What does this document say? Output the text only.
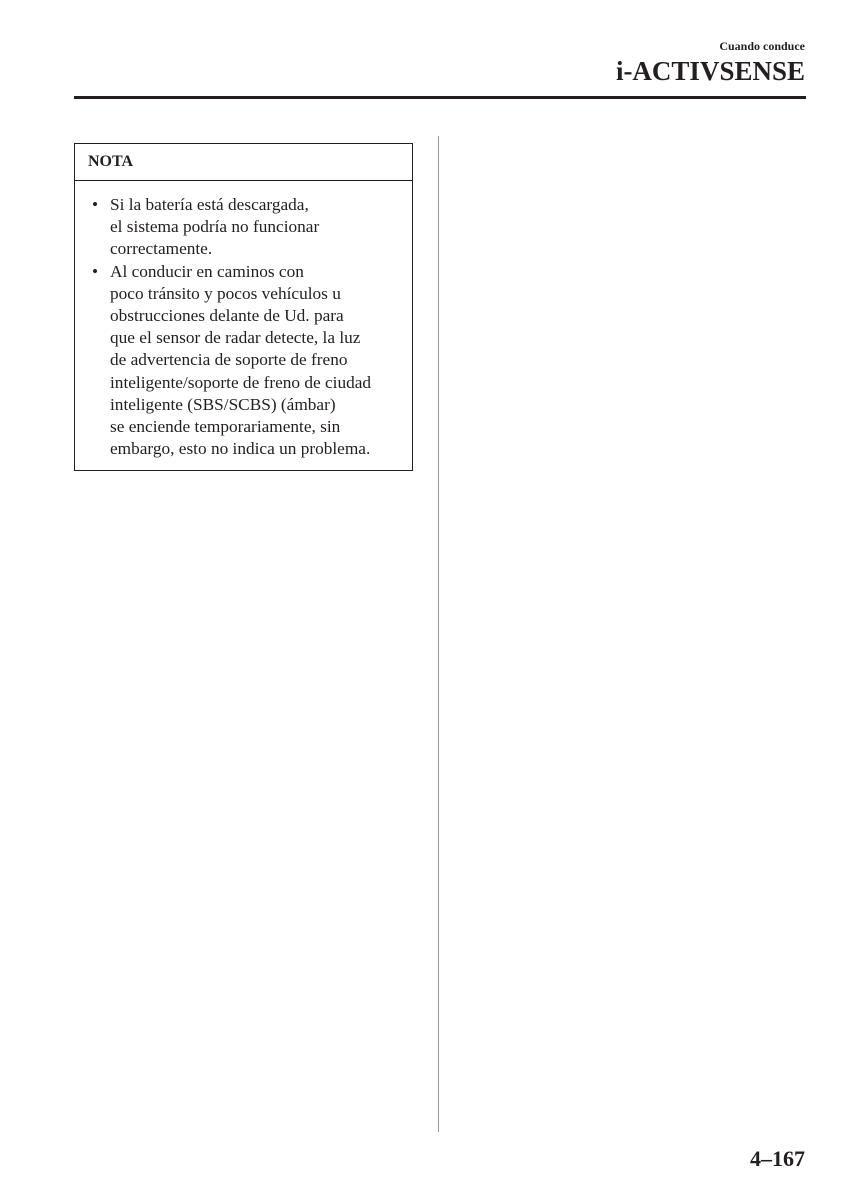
Cuando conduce
i-ACTIVSENSE
NOTA
• Si la batería está descargada,
el sistema podría no funcionar
correctamente.
• Al conducir en caminos con
poco tránsito y pocos vehículos u
obstrucciones delante de Ud. para
que el sensor de radar detecte, la luz
de advertencia de soporte de freno
inteligente/soporte de freno de ciudad
inteligente (SBS/SCBS) (ámbar)
se enciende temporariamente, sin
embargo, esto no indica un problema.
4–167
